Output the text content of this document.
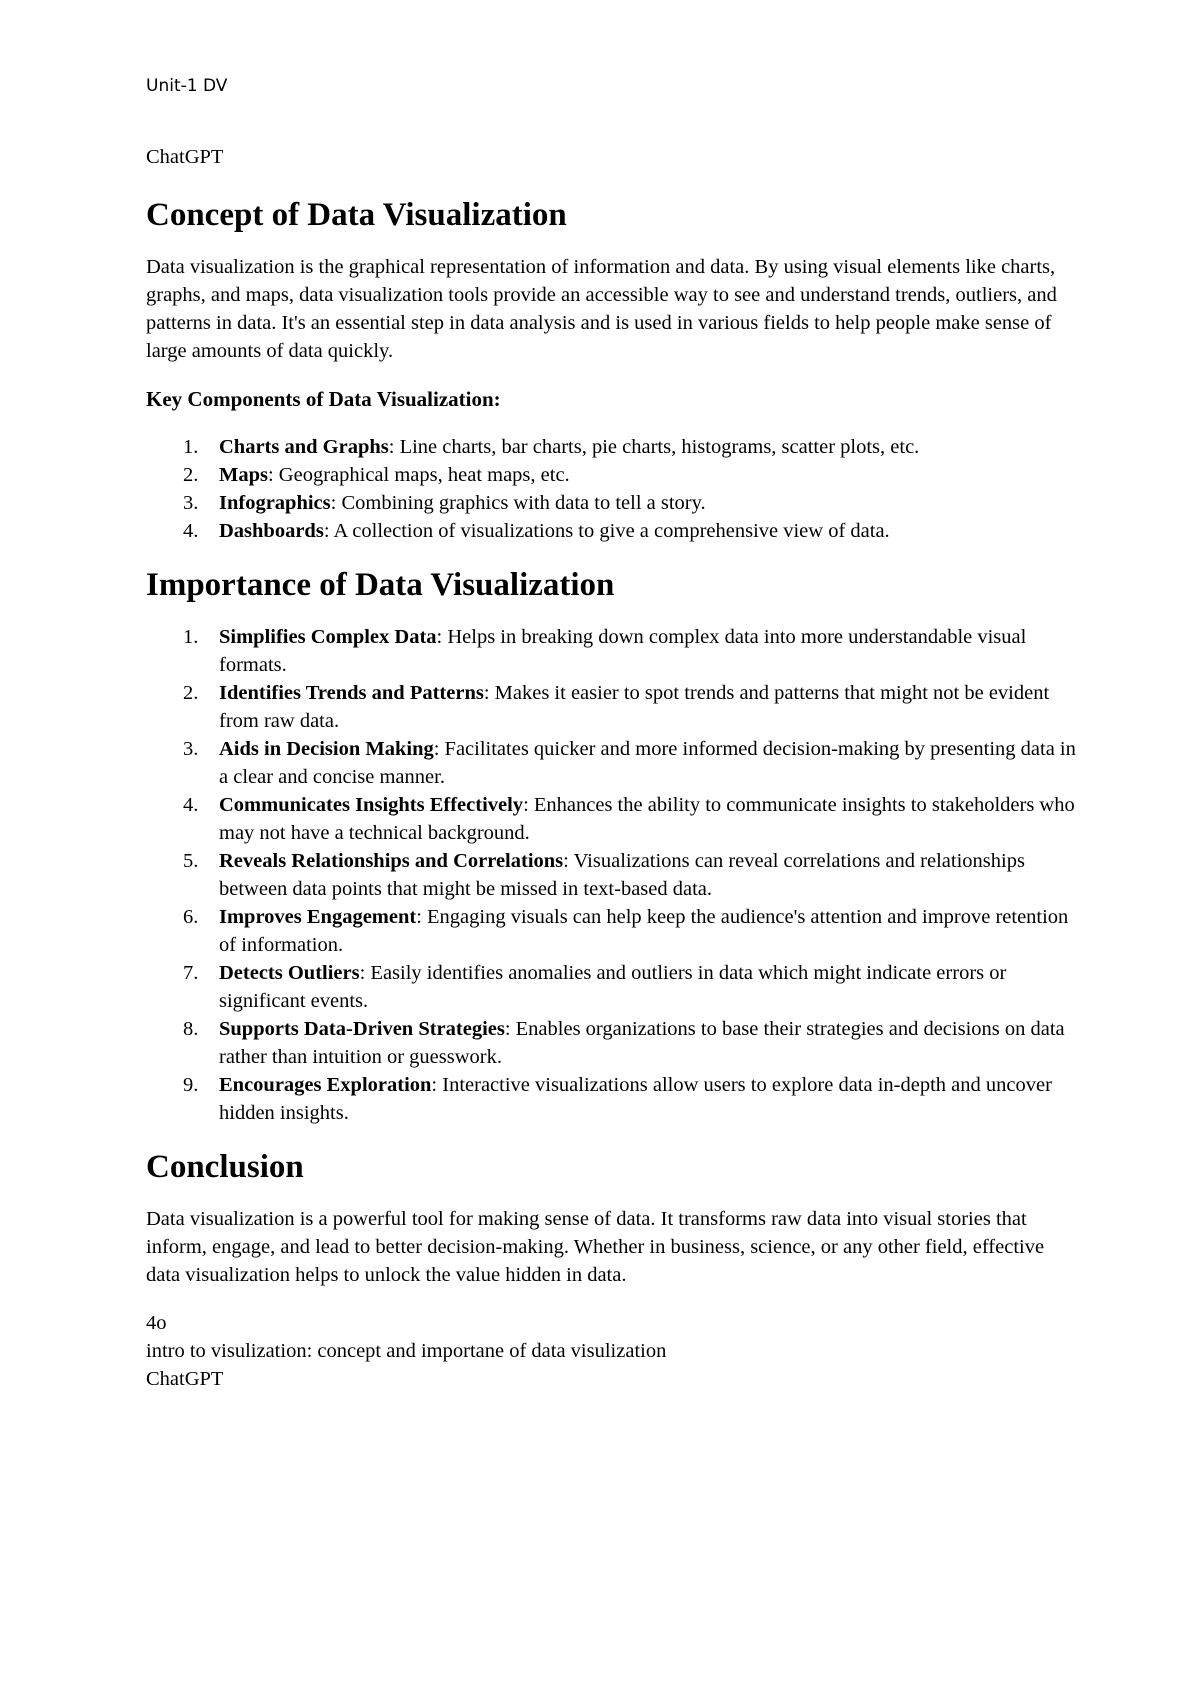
Unit-1 DV

ChatGPT

Concept of Data Visualization

Data visualization is the graphical representation of information and data. By using visual elements like charts, graphs, and maps, data visualization tools provide an accessible way to see and understand trends, outliers, and patterns in data. It's an essential step in data analysis and is used in various fields to help people make sense of large amounts of data quickly.

Key Components of Data Visualization:
1. Charts and Graphs: Line charts, bar charts, pie charts, histograms, scatter plots, etc.
2. Maps: Geographical maps, heat maps, etc.
3. Infographics: Combining graphics with data to tell a story.
4. Dashboards: A collection of visualizations to give a comprehensive view of data.
Importance of Data Visualization
1. Simplifies Complex Data: Helps in breaking down complex data into more understandable visual formats.
2. Identifies Trends and Patterns: Makes it easier to spot trends and patterns that might not be evident from raw data.
3. Aids in Decision Making: Facilitates quicker and more informed decision-making by presenting data in a clear and concise manner.
4. Communicates Insights Effectively: Enhances the ability to communicate insights to stakeholders who may not have a technical background.
5. Reveals Relationships and Correlations: Visualizations can reveal correlations and relationships between data points that might be missed in text-based data.
6. Improves Engagement: Engaging visuals can help keep the audience's attention and improve retention of information.
7. Detects Outliers: Easily identifies anomalies and outliers in data which might indicate errors or significant events.
8. Supports Data-Driven Strategies: Enables organizations to base their strategies and decisions on data rather than intuition or guesswork.
9. Encourages Exploration: Interactive visualizations allow users to explore data in-depth and uncover hidden insights.
Conclusion

Data visualization is a powerful tool for making sense of data. It transforms raw data into visual stories that inform, engage, and lead to better decision-making. Whether in business, science, or any other field, effective data visualization helps to unlock the value hidden in data.

4o

intro to visulization: concept and importane of data visulization

ChatGPT
